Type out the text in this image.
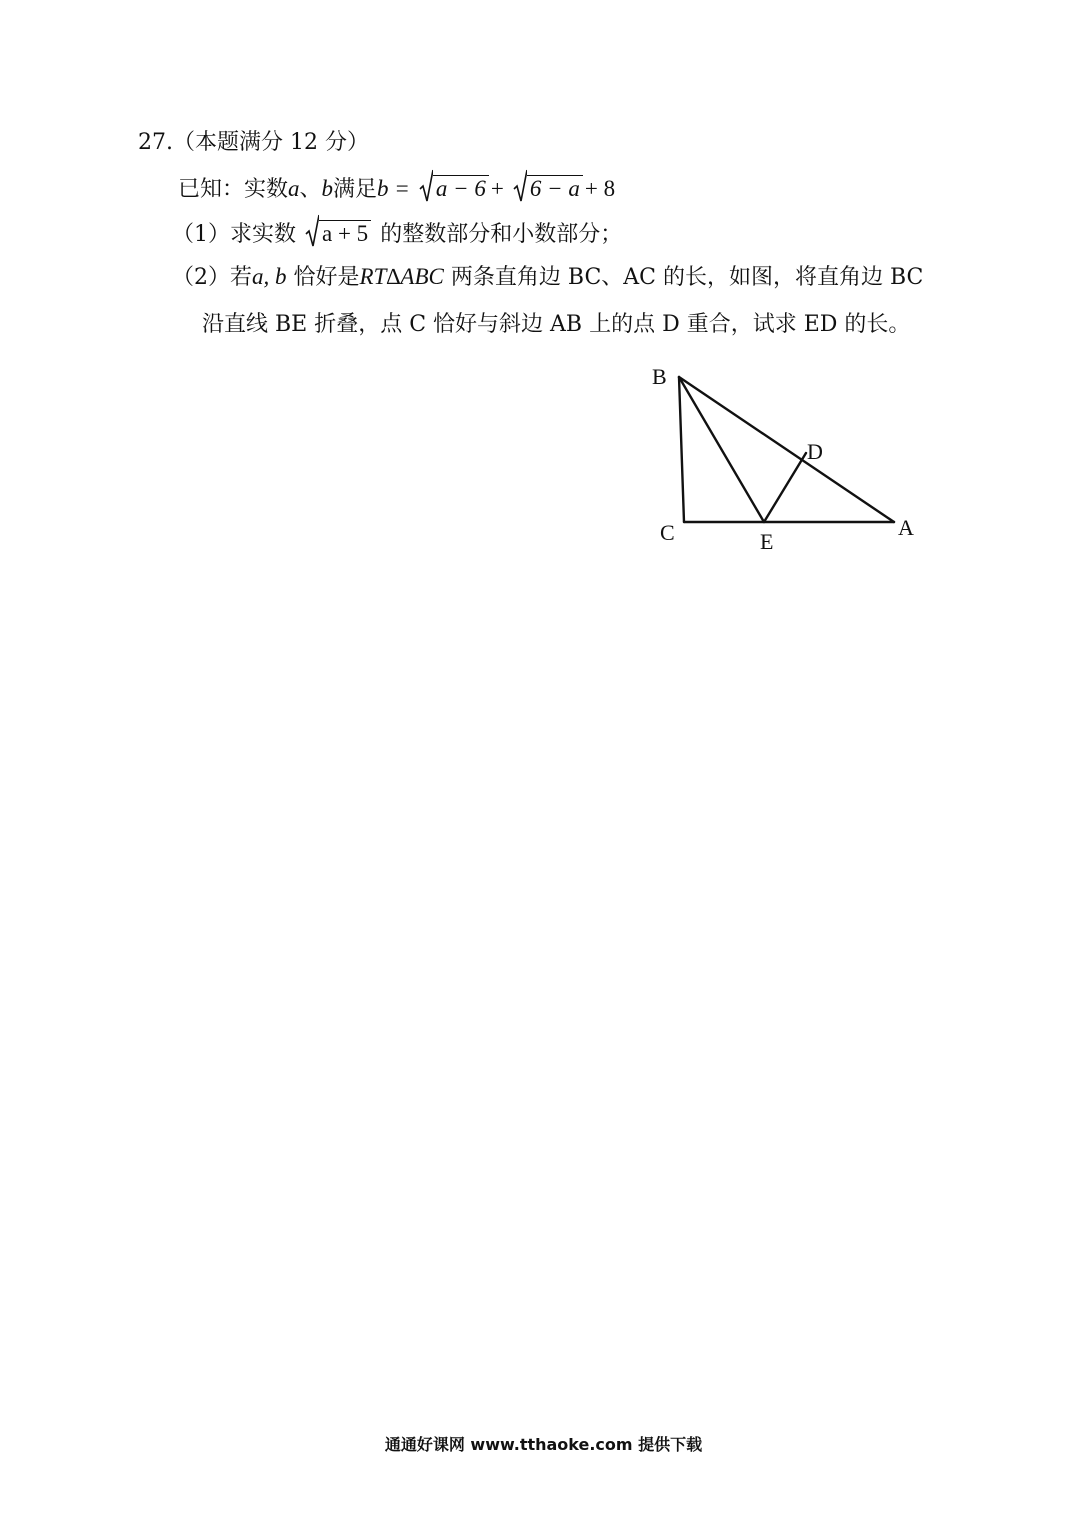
27.（本题满分 12 分）
已知：实数a、b满足b = a − 6 + 6 − a + 8
（1）求实数 a + 5 的整数部分和小数部分；
（2）若a, b 恰好是RT∆ABC 两条直角边 BC、AC 的长，如图，将直角边 BC
沿直线 BE 折叠，点 C 恰好与斜边 AB 上的点 D 重合，试求 ED 的长。
B
C	E
A
D
通通好课网 www.tthaoke.com 提供下载
